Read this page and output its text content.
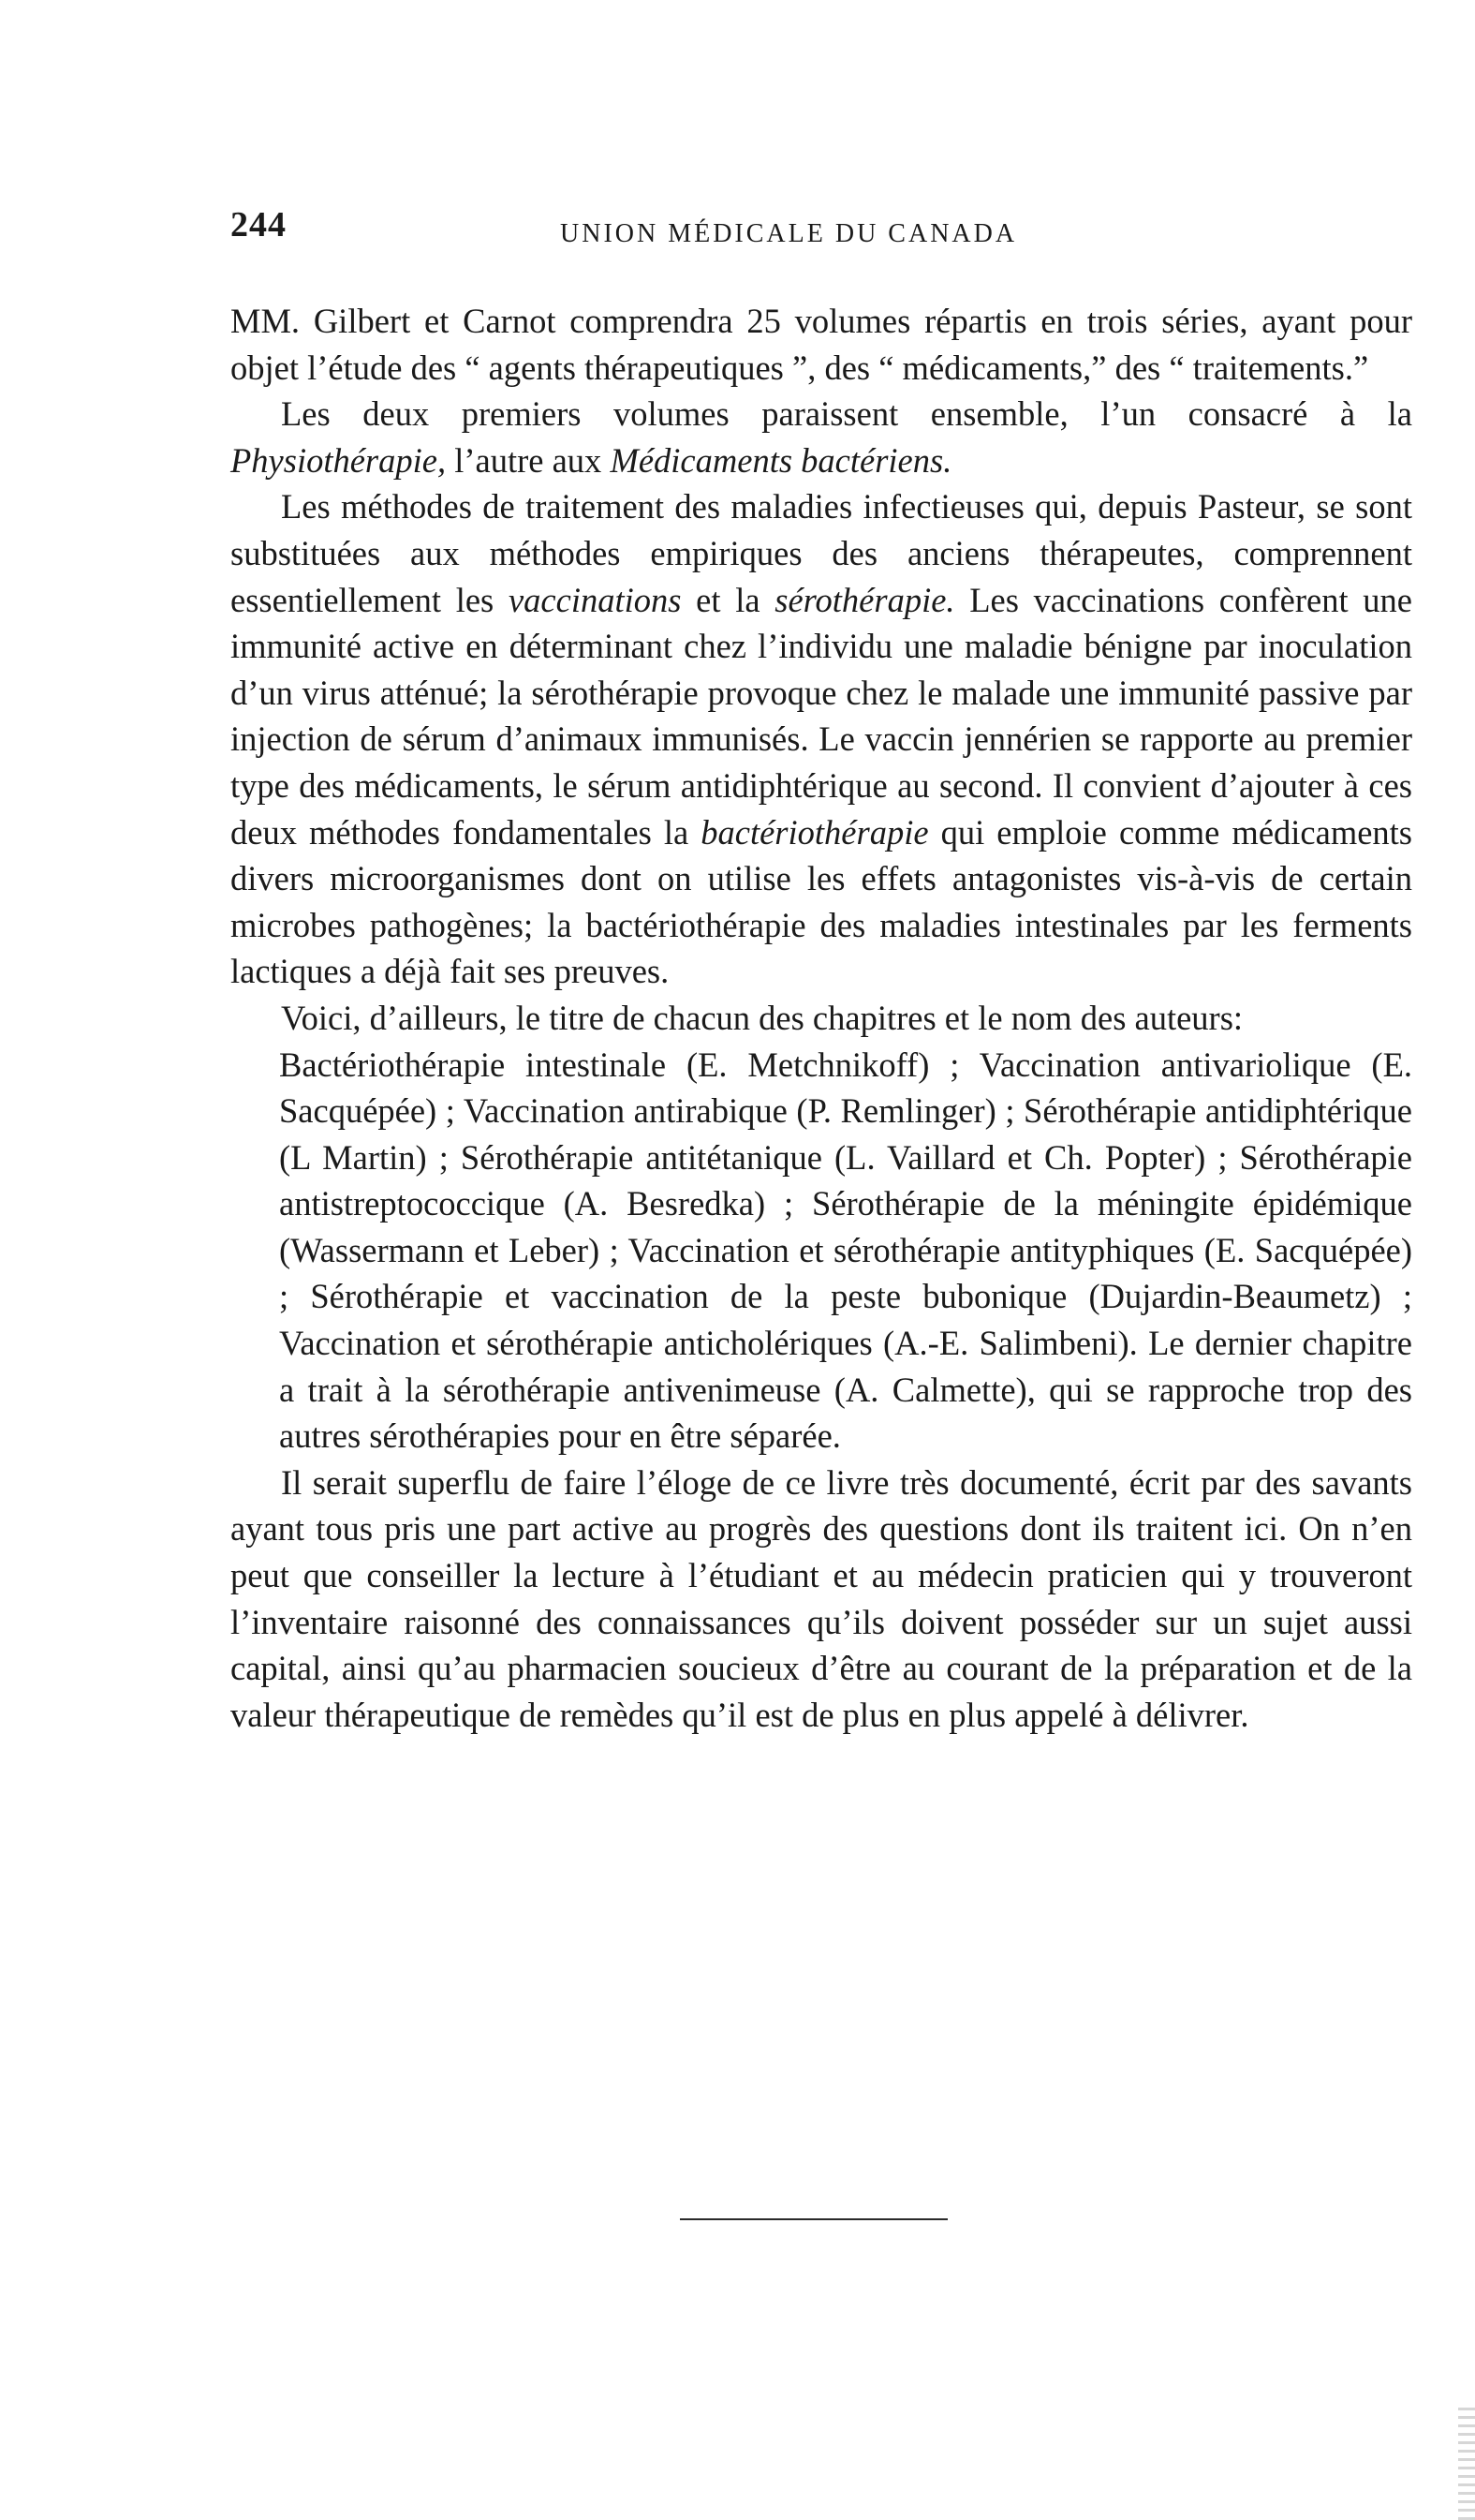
244	UNION MÉDICALE DU CANADA

MM. Gilbert et Carnot comprendra 25 volumes répartis en trois séries, ayant pour objet l’étude des “ agents thérapeutiques ”, des “ médicaments,” des “ traitements.”

Les deux premiers volumes paraissent ensemble, l’un consacré à la Physiothérapie, l’autre aux Médicaments bactériens.

Les méthodes de traitement des maladies infectieuses qui, depuis Pasteur, se sont substituées aux méthodes empiriques des anciens thérapeutes, comprennent essentiellement les vaccinations et la sérothérapie. Les vaccinations confèrent une immunité active en déterminant chez l’individu une maladie bénigne par inoculation d’un virus atténué; la sérothérapie provoque chez le malade une immunité passive par injection de sérum d’animaux immunisés. Le vaccin jennérien se rapporte au premier type des médicaments, le sérum antidiphtérique au second. Il convient d’ajouter à ces deux méthodes fondamentales la bactériothérapie qui emploie comme médicaments divers microorganismes dont on utilise les effets antagonistes vis-à-vis de certain microbes pathogènes; la bactériothérapie des maladies intestinales par les ferments lactiques a déjà fait ses preuves.

Voici, d’ailleurs, le titre de chacun des chapitres et le nom des auteurs:

Bactériothérapie intestinale (E. Metchnikoff) ; Vaccination antivariolique (E. Sacquépée) ; Vaccination antirabique (P. Remlinger) ; Sérothérapie antidiphtérique (L Martin) ; Sérothérapie antitétanique (L. Vaillard et Ch. Popter) ; Sérothérapie antistreptococcique (A. Besredka) ; Sérothérapie de la méningite épidémique (Wassermann et Leber) ; Vaccination et sérothérapie antityphiques (E. Sacquépée) ; Sérothérapie et vaccination de la peste bubonique (Dujardin-Beaumetz) ; Vaccination et sérothérapie anticholériques (A.-E. Salimbeni). Le dernier chapitre a trait à la sérothérapie antivenimeuse (A. Calmette), qui se rapproche trop des autres sérothérapies pour en être séparée.

Il serait superflu de faire l’éloge de ce livre très documenté, écrit par des savants ayant tous pris une part active au progrès des questions dont ils traitent ici. On n’en peut que conseiller la lecture à l’étudiant et au médecin praticien qui y trouveront l’inventaire raisonné des connaissances qu’ils doivent posséder sur un sujet aussi capital, ainsi qu’au pharmacien soucieux d’être au courant de la préparation et de la valeur thérapeutique de remèdes qu’il est de plus en plus appelé à délivrer.
